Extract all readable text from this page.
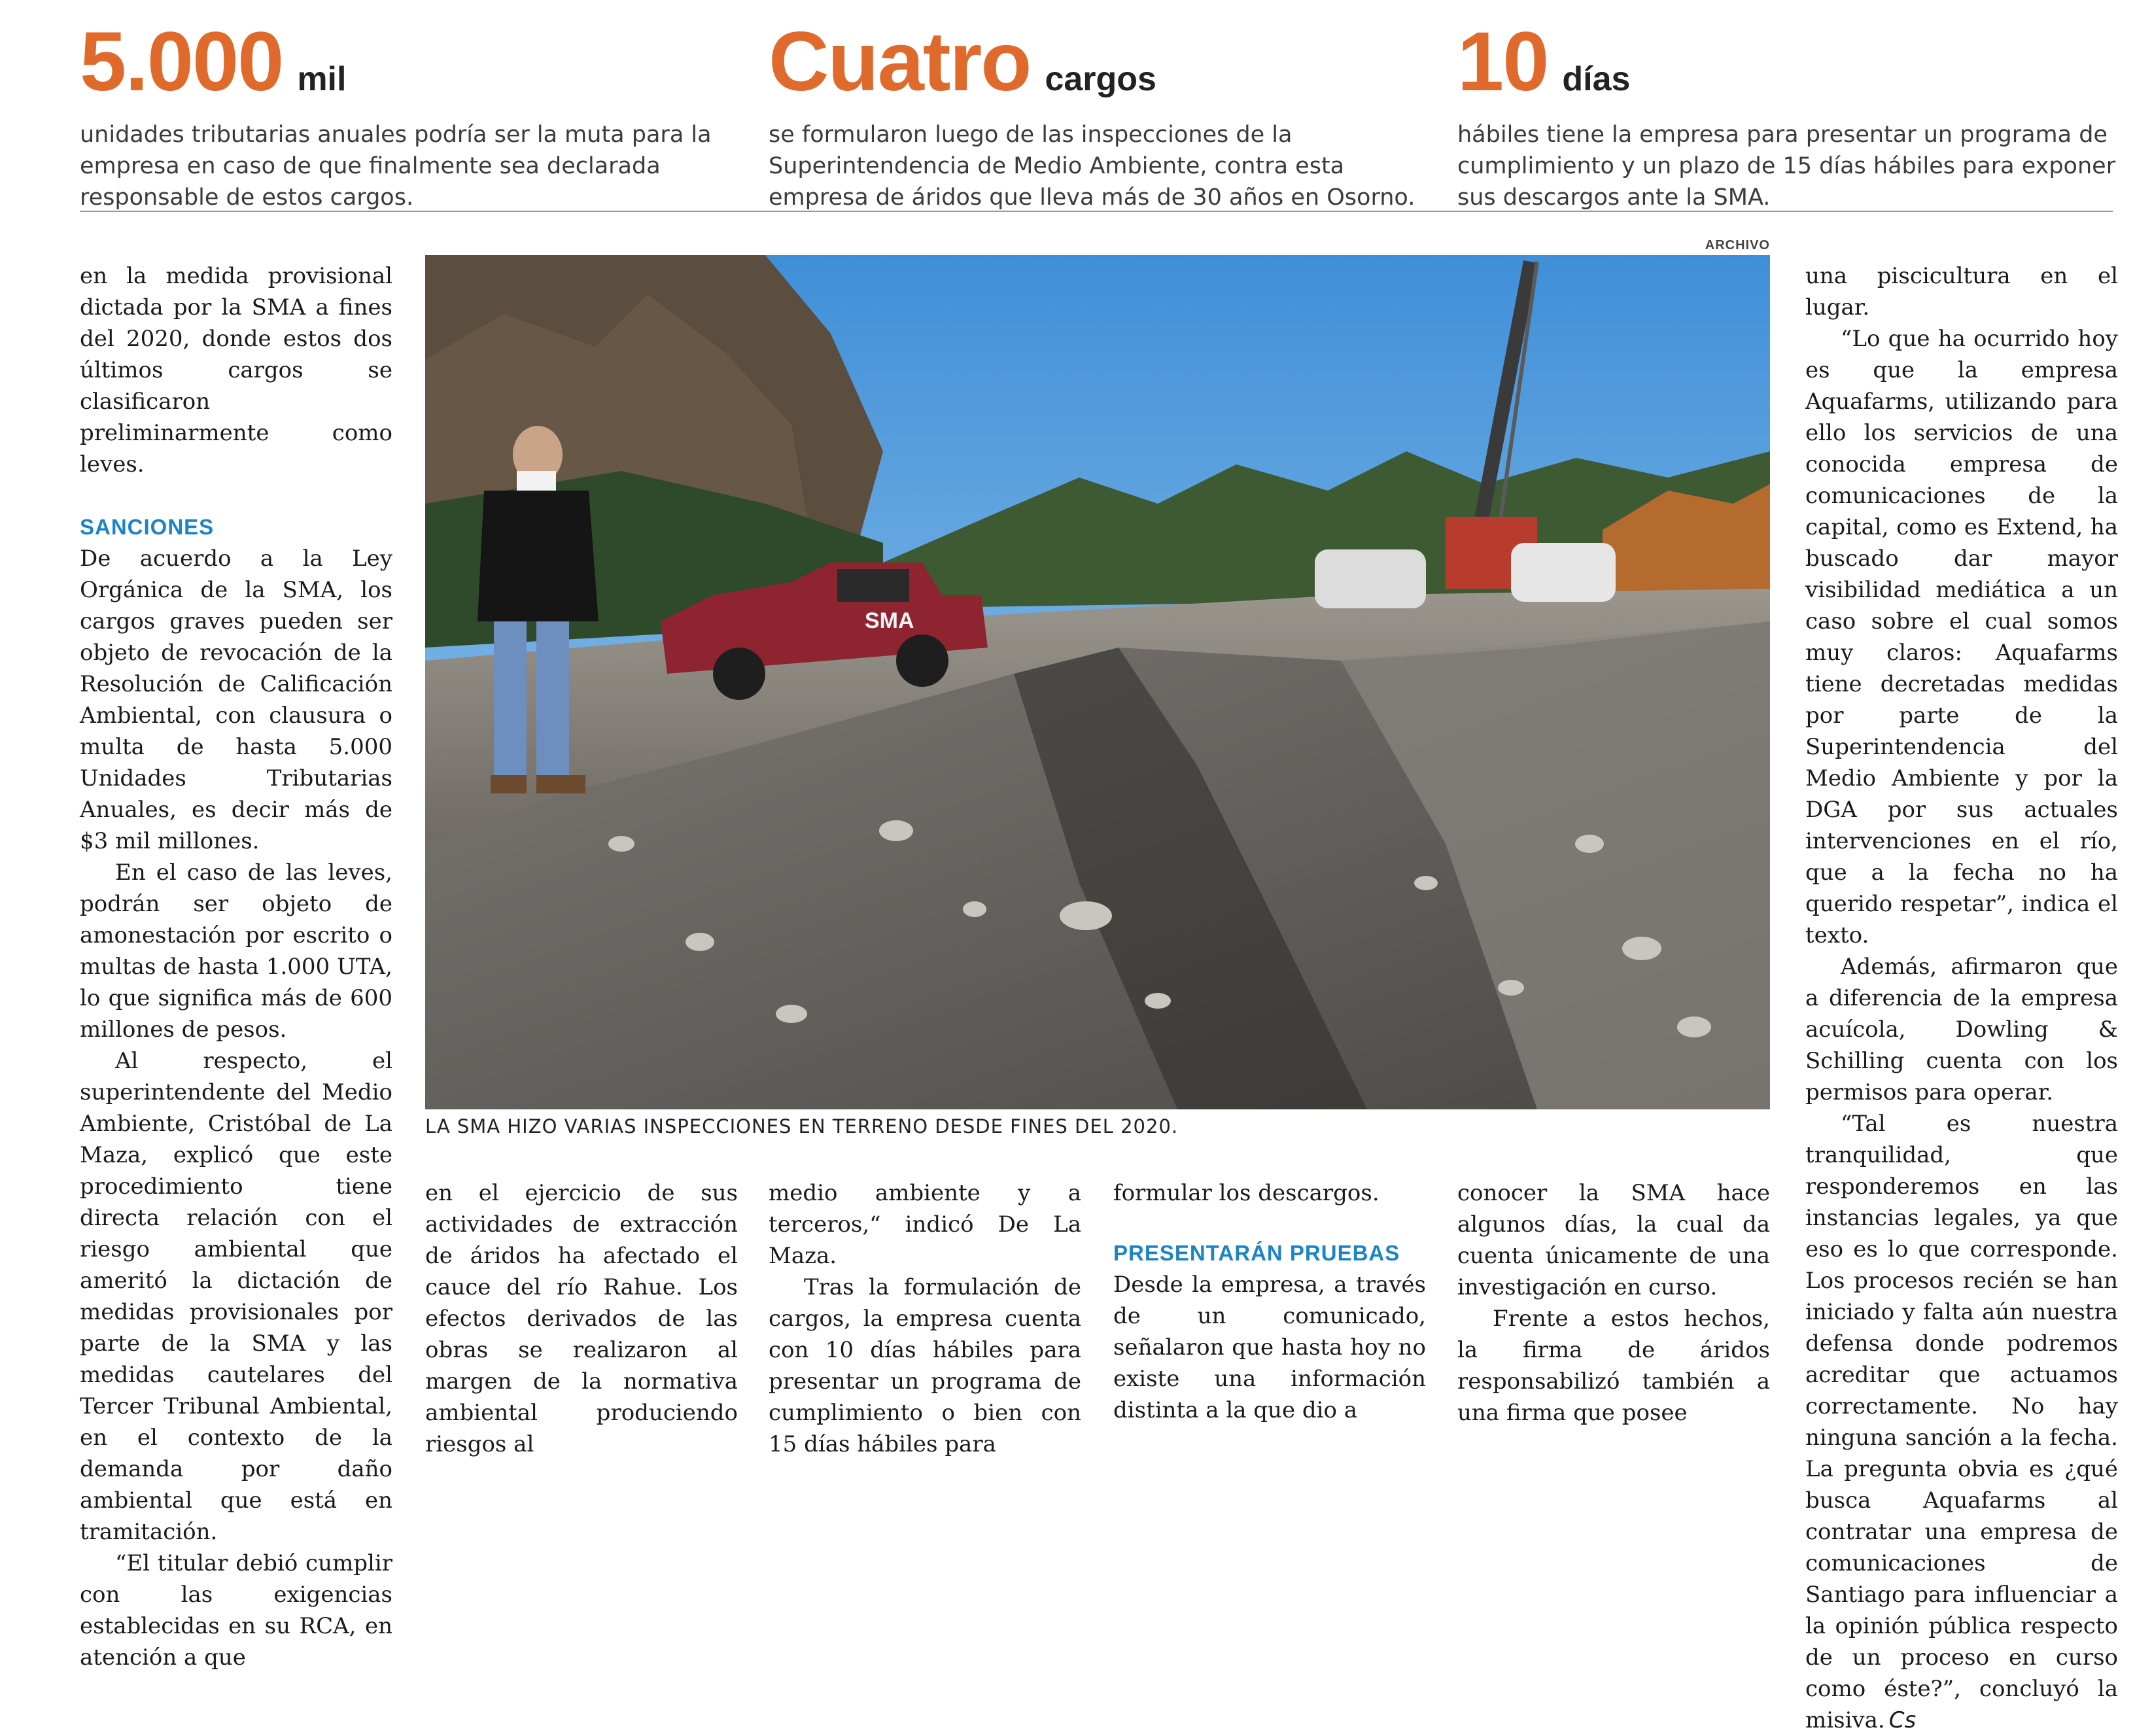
5.000 mil
unidades tributarias anuales podría ser la muta para la empresa en caso de que finalmente sea declarada responsable de estos cargos.
Cuatro cargos
se formularon luego de las inspecciones de la Superintendencia de Medio Ambiente, contra esta empresa de áridos que lleva más de 30 años en Osorno.
10 días
hábiles tiene la empresa para presentar un programa de cumplimiento y un plazo de 15 días hábiles para exponer sus descargos ante la SMA.

en la medida provisional dictada por la SMA a fines del 2020, donde estos dos últimos cargos se clasificaron preliminarmente como leves.

SANCIONES

De acuerdo a la Ley Orgánica de la SMA, los cargos graves pueden ser objeto de revocación de la Resolución de Calificación Ambiental, con clausura o multa de hasta 5.000 Unidades Tributarias Anuales, es decir más de $3 mil millones.

En el caso de las leves, podrán ser objeto de amonestación por escrito o multas de hasta 1.000 UTA, lo que significa más de 600 millones de pesos.

Al respecto, el superintendente del Medio Ambiente, Cristóbal de La Maza, explicó que este procedimiento tiene directa relación con el riesgo ambiental que ameritó la dictación de medidas provisionales por parte de la SMA y las medidas cautelares del Tercer Tribunal Ambiental, en el contexto de la demanda por daño ambiental que está en tramitación.

“El titular debió cumplir con las exigencias establecidas en su RCA, en atención a que

ARCHIVO
SMA
LA SMA HIZO VARIAS INSPECCIONES EN TERRENO DESDE FINES DEL 2020.

en el ejercicio de sus actividades de extracción de áridos ha afectado el cauce del río Rahue. Los efectos derivados de las obras se realizaron al margen de la normativa ambiental produciendo riesgos al

medio ambiente y a terceros,“ indicó De La Maza.

Tras la formulación de cargos, la empresa cuenta con 10 días hábiles para presentar un programa de cumplimiento o bien con 15 días hábiles para

formular los descargos.

PRESENTARÁN PRUEBAS

Desde la empresa, a través de un comunicado, señalaron que hasta hoy no existe una información distinta a la que dio a

conocer la SMA hace algunos días, la cual da cuenta únicamente de una investigación en curso.

Frente a estos hechos, la firma de áridos responsabilizó también a una firma que posee

una piscicultura en el lugar.

“Lo que ha ocurrido hoy es que la empresa Aquafarms, utilizando para ello los servicios de una conocida empresa de comunicaciones de la capital, como es Extend, ha buscado dar mayor visibilidad mediática a un caso sobre el cual somos muy claros: Aquafarms tiene decretadas medidas por parte de la Superintendencia del Medio Ambiente y por la DGA por sus actuales intervenciones en el río, que a la fecha no ha querido respetar”, indica el texto.

Además, afirmaron que a diferencia de la empresa acuícola, Dowling & Schilling cuenta con los permisos para operar.

“Tal es nuestra tranquilidad, que responderemos en las instancias legales, ya que eso es lo que corresponde. Los procesos recién se han iniciado y falta aún nuestra defensa donde podremos acreditar que actuamos correctamente. No hay ninguna sanción a la fecha. La pregunta obvia es ¿qué busca Aquafarms al contratar una empresa de comunicaciones de Santiago para influenciar a la opinión pública respecto de un proceso en curso como éste?”, concluyó la misiva. Cs
